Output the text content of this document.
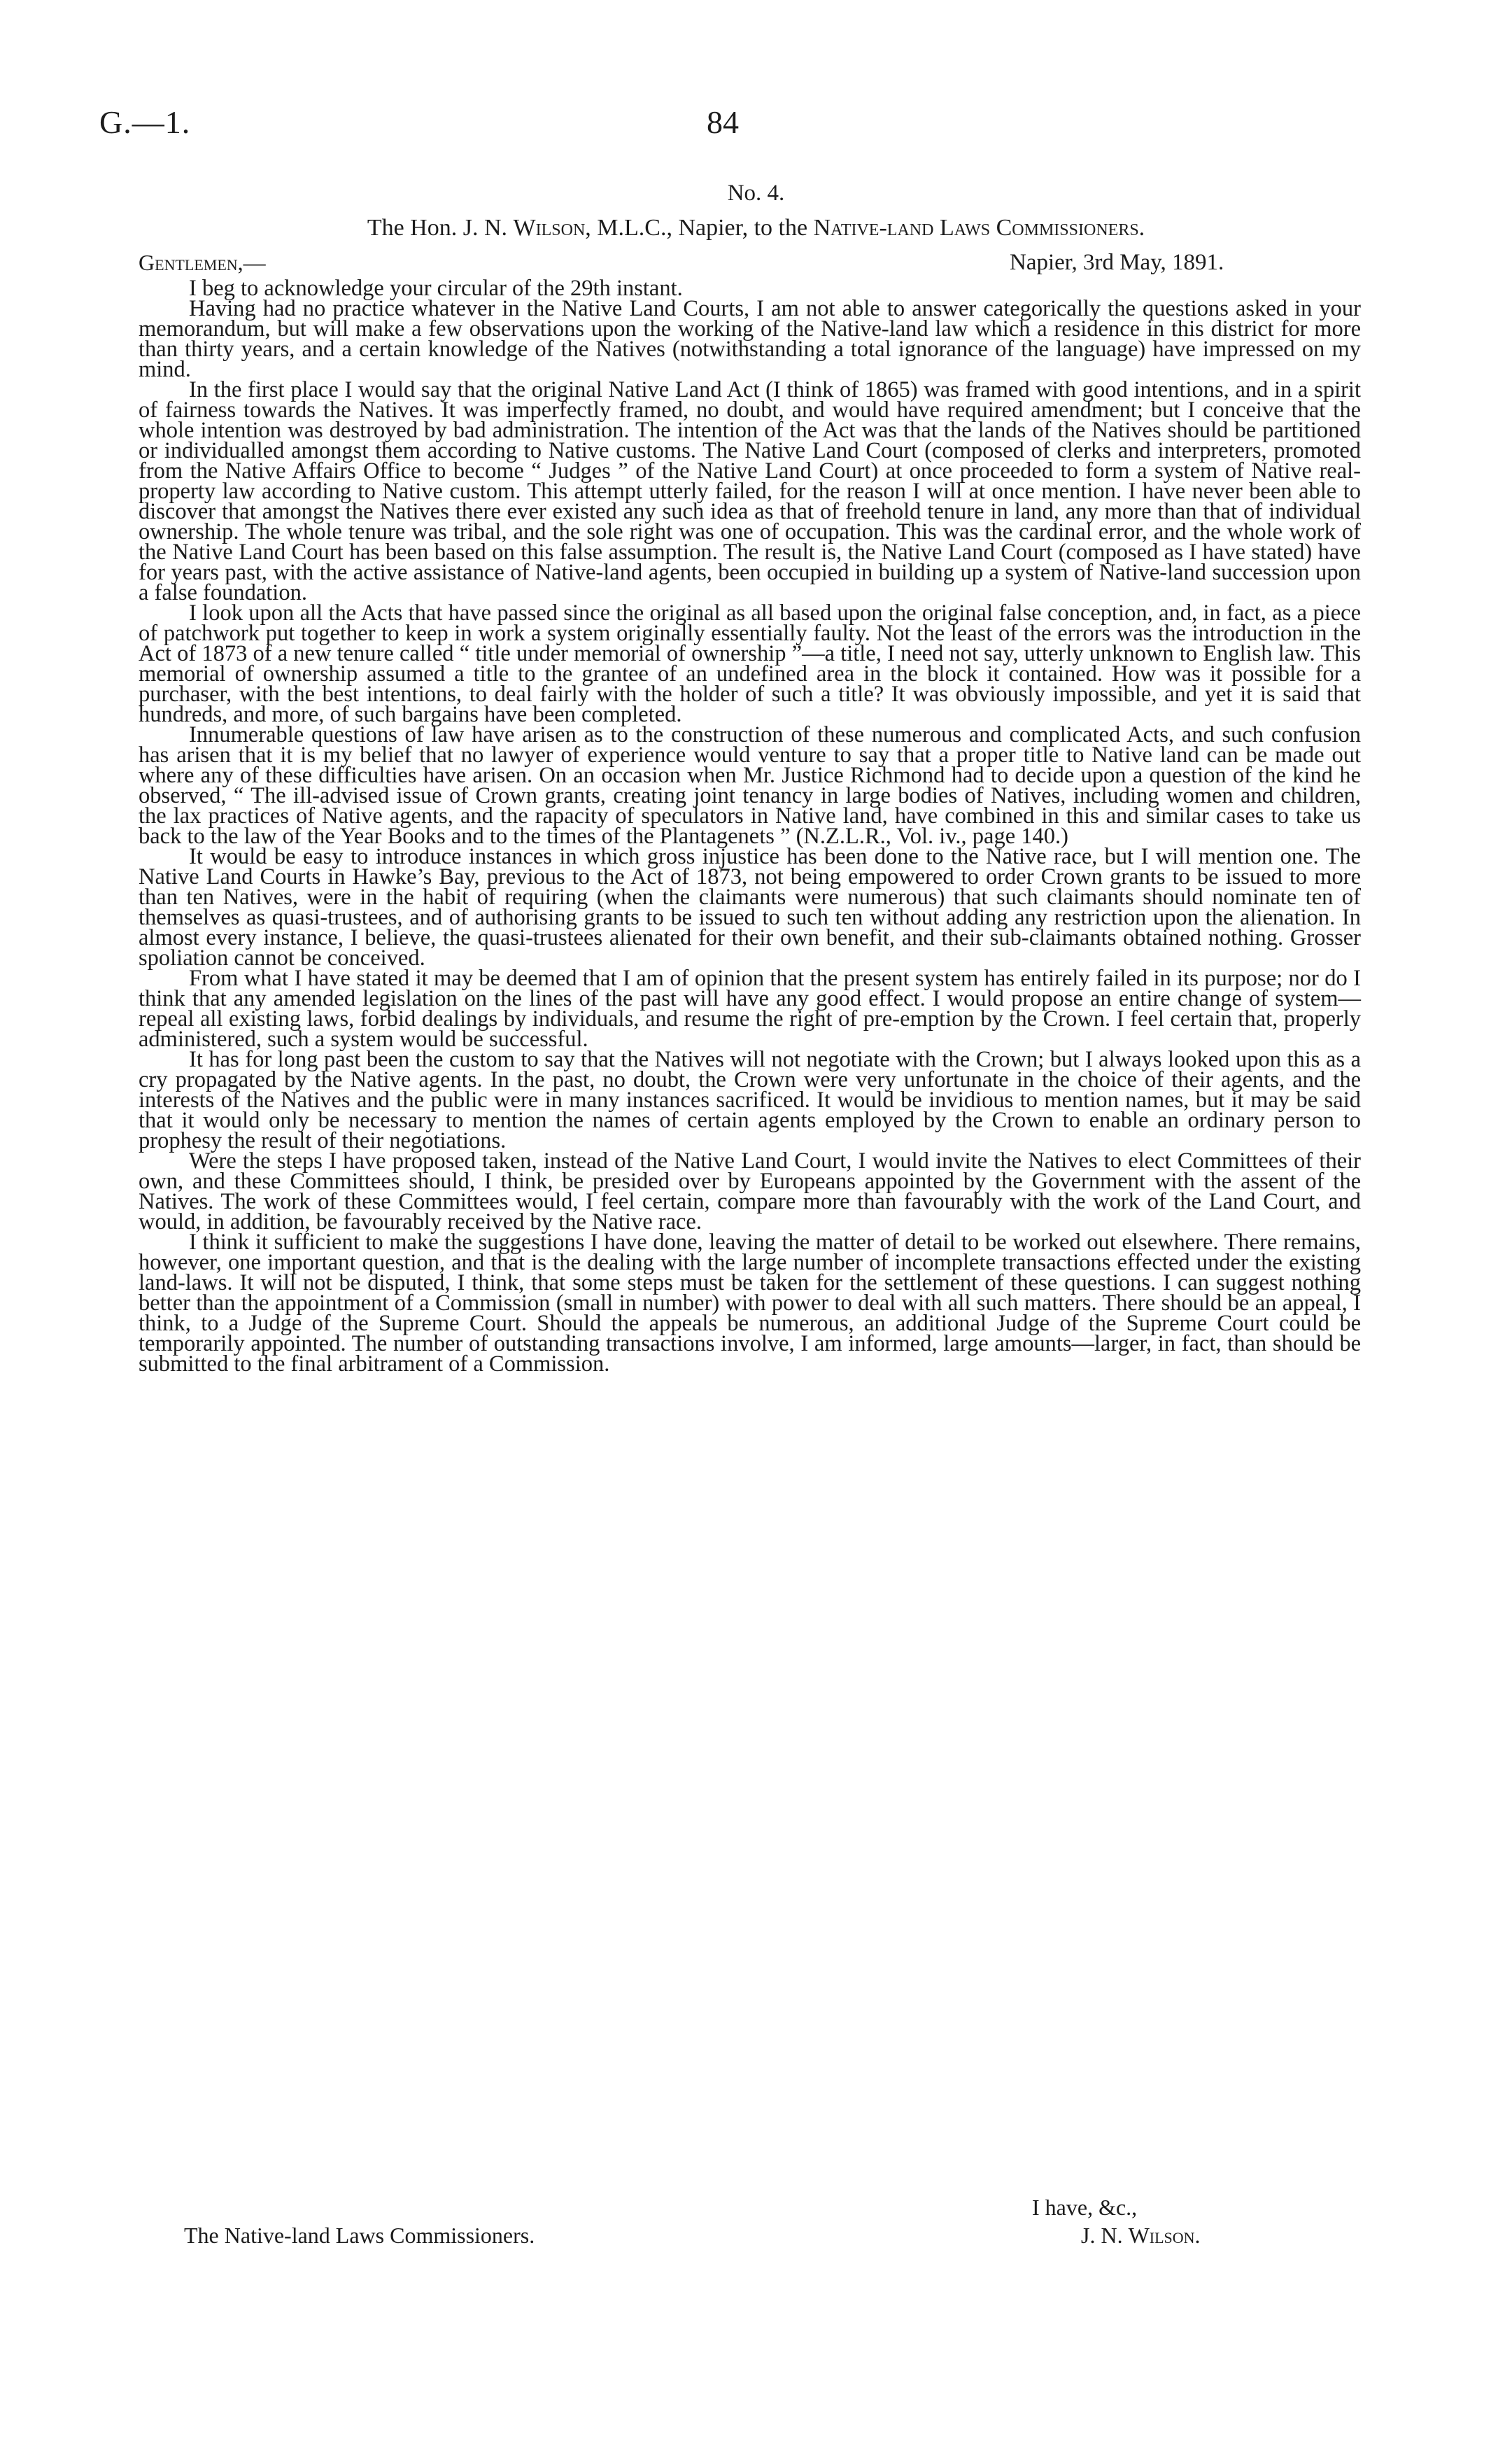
G.—1.	84
No. 4.
The Hon. J. N. Wilson, M.L.C., Napier, to the Native-land Laws Commissioners.
Gentlemen,—	Napier, 3rd May, 1891.

I beg to acknowledge your circular of the 29th instant.

Having had no practice whatever in the Native Land Courts, I am not able to answer categorically the questions asked in your memorandum, but will make a few observations upon the working of the Native-land law which a residence in this district for more than thirty years, and a certain knowledge of the Natives (notwithstanding a total ignorance of the language) have impressed on my mind.

In the first place I would say that the original Native Land Act (I think of 1865) was framed with good intentions, and in a spirit of fairness towards the Natives. It was imperfectly framed, no doubt, and would have required amendment; but I conceive that the whole intention was destroyed by bad administration. The intention of the Act was that the lands of the Natives should be partitioned or individualled amongst them according to Native customs. The Native Land Court (composed of clerks and interpreters, promoted from the Native Affairs Office to become “ Judges ” of the Native Land Court) at once proceeded to form a system of Native real-property law according to Native custom. This attempt utterly failed, for the reason I will at once mention. I have never been able to discover that amongst the Natives there ever existed any such idea as that of freehold tenure in land, any more than that of individual ownership. The whole tenure was tribal, and the sole right was one of occupation. This was the cardinal error, and the whole work of the Native Land Court has been based on this false assumption. The result is, the Native Land Court (composed as I have stated) have for years past, with the active assistance of Native-land agents, been occupied in building up a system of Native-land succession upon a false foundation.

I look upon all the Acts that have passed since the original as all based upon the original false conception, and, in fact, as a piece of patchwork put together to keep in work a system originally essentially faulty. Not the least of the errors was the introduction in the Act of 1873 of a new tenure called “ title under memorial of ownership ”—a title, I need not say, utterly unknown to English law. This memorial of ownership assumed a title to the grantee of an undefined area in the block it contained. How was it possible for a purchaser, with the best intentions, to deal fairly with the holder of such a title? It was obviously impossible, and yet it is said that hundreds, and more, of such bargains have been completed.

Innumerable questions of law have arisen as to the construction of these numerous and complicated Acts, and such confusion has arisen that it is my belief that no lawyer of experience would venture to say that a proper title to Native land can be made out where any of these difficulties have arisen. On an occasion when Mr. Justice Richmond had to decide upon a question of the kind he observed, “ The ill-advised issue of Crown grants, creating joint tenancy in large bodies of Natives, including women and children, the lax practices of Native agents, and the rapacity of speculators in Native land, have combined in this and similar cases to take us back to the law of the Year Books and to the times of the Plantagenets ” (N.Z.L.R., Vol. iv., page 140.)

It would be easy to introduce instances in which gross injustice has been done to the Native race, but I will mention one. The Native Land Courts in Hawke’s Bay, previous to the Act of 1873, not being empowered to order Crown grants to be issued to more than ten Natives, were in the habit of requiring (when the claimants were numerous) that such claimants should nominate ten of themselves as quasi-trustees, and of authorising grants to be issued to such ten without adding any restriction upon the alienation. In almost every instance, I believe, the quasi-trustees alienated for their own benefit, and their sub-claimants obtained nothing. Grosser spoliation cannot be conceived.

From what I have stated it may be deemed that I am of opinion that the present system has entirely failed in its purpose; nor do I think that any amended legislation on the lines of the past will have any good effect. I would propose an entire change of system—repeal all existing laws, forbid dealings by individuals, and resume the right of pre-emption by the Crown. I feel certain that, properly administered, such a system would be successful.

It has for long past been the custom to say that the Natives will not negotiate with the Crown; but I always looked upon this as a cry propagated by the Native agents. In the past, no doubt, the Crown were very unfortunate in the choice of their agents, and the interests of the Natives and the public were in many instances sacrificed. It would be invidious to mention names, but it may be said that it would only be necessary to mention the names of certain agents employed by the Crown to enable an ordinary person to prophesy the result of their negotiations.

Were the steps I have proposed taken, instead of the Native Land Court, I would invite the Natives to elect Committees of their own, and these Committees should, I think, be presided over by Europeans appointed by the Government with the assent of the Natives. The work of these Committees would, I feel certain, compare more than favourably with the work of the Land Court, and would, in addition, be favourably received by the Native race.

I think it sufficient to make the suggestions I have done, leaving the matter of detail to be worked out elsewhere. There remains, however, one important question, and that is the dealing with the large number of incomplete transactions effected under the existing land-laws. It will not be disputed, I think, that some steps must be taken for the settlement of these questions. I can suggest nothing better than the appointment of a Commission (small in number) with power to deal with all such matters. There should be an appeal, I think, to a Judge of the Supreme Court. Should the appeals be numerous, an additional Judge of the Supreme Court could be temporarily appointed. The number of outstanding transactions involve, I am informed, large amounts—larger, in fact, than should be submitted to the final arbitrament of a Commission.

I have, &c.,
The Native-land Laws Commissioners.	J. N. Wilson.
